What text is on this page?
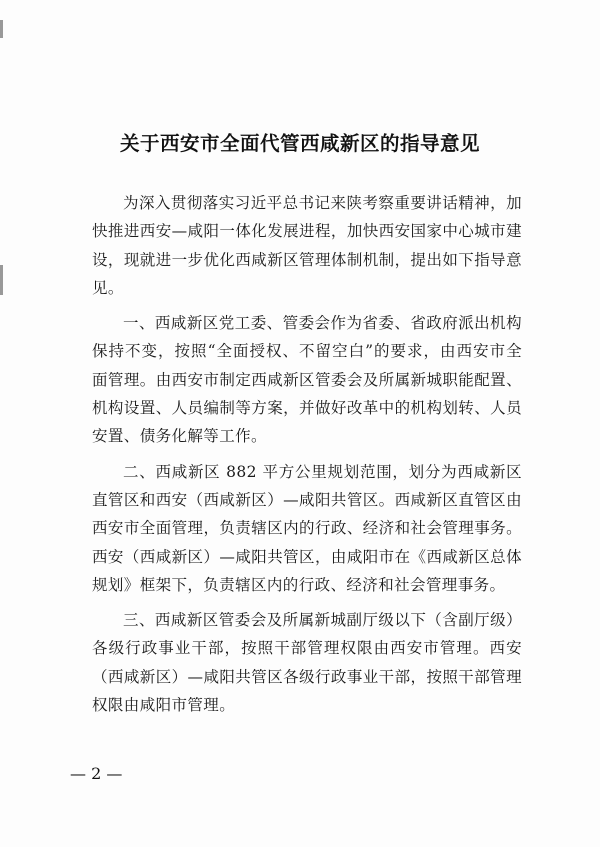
关于西安市全面代管西咸新区的指导意见

为深入贯彻落实习近平总书记来陕考察重要讲话精神，加快推进西安—咸阳一体化发展进程，加快西安国家中心城市建设，现就进一步优化西咸新区管理体制机制，提出如下指导意见。

一、西咸新区党工委、管委会作为省委、省政府派出机构保持不变，按照“全面授权、不留空白”的要求，由西安市全面管理。由西安市制定西咸新区管委会及所属新城职能配置、机构设置、人员编制等方案，并做好改革中的机构划转、人员安置、债务化解等工作。

二、西咸新区 882 平方公里规划范围，划分为西咸新区直管区和西安（西咸新区）—咸阳共管区。西咸新区直管区由西安市全面管理，负责辖区内的行政、经济和社会管理事务。西安（西咸新区）—咸阳共管区，由咸阳市在《西咸新区总体规划》框架下，负责辖区内的行政、经济和社会管理事务。

三、西咸新区管委会及所属新城副厅级以下（含副厅级）各级行政事业干部，按照干部管理权限由西安市管理。西安（西咸新区）—咸阳共管区各级行政事业干部，按照干部管理权限由咸阳市管理。

— 2 —
